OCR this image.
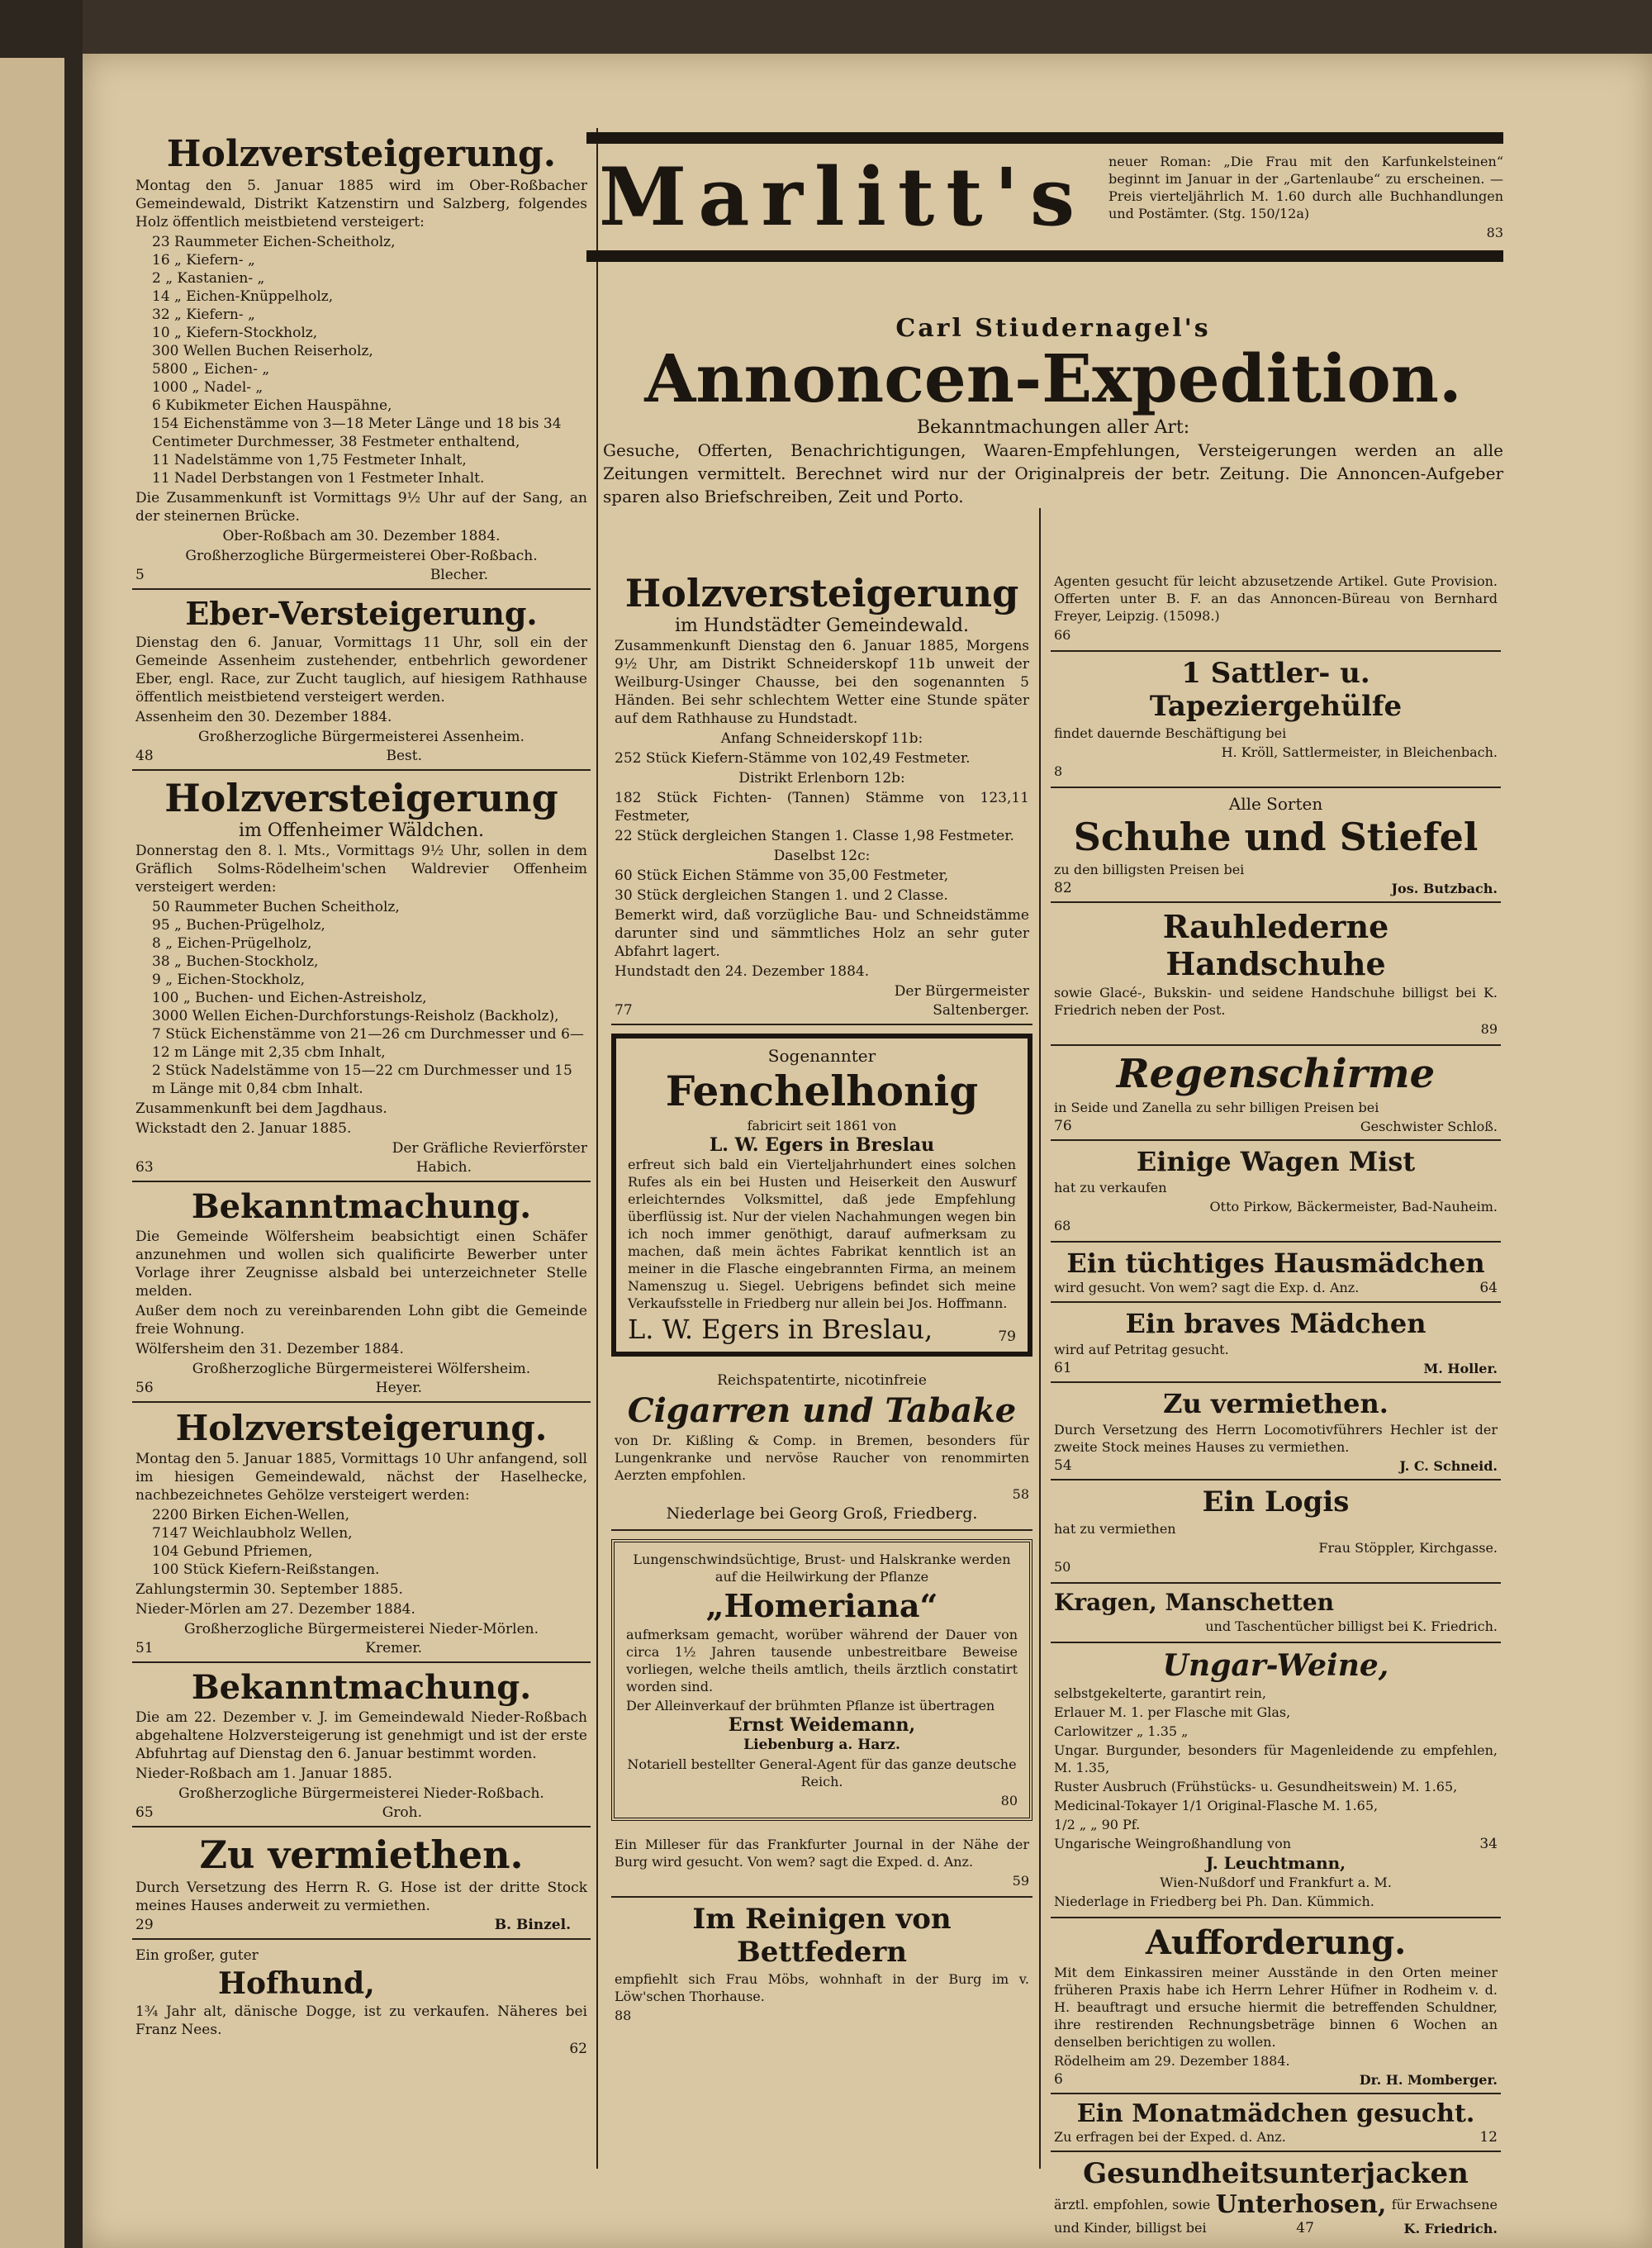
Holzversteigerung.

Montag den 5. Januar 1885 wird im Ober-Roßbacher Gemeindewald, Distrikt Katzenstirn und Salzberg, folgendes Holz öffentlich meistbietend versteigert:

23 Raummeter Eichen-Scheitholz,
16 „ Kiefern- „
2 „ Kastanien- „
14 „ Eichen-Knüppelholz,
32 „ Kiefern- „
10 „ Kiefern-Stockholz,
300 Wellen Buchen Reiserholz,
5800 „ Eichen- „
1000 „ Nadel- „
6 Kubikmeter Eichen Hauspähne,
154 Eichenstämme von 3—18 Meter Länge und 18 bis 34 Centimeter Durchmesser, 38 Festmeter enthaltend,
11 Nadelstämme von 1,75 Festmeter Inhalt,
11 Nadel Derbstangen von 1 Festmeter Inhalt.

Die Zusammenkunft ist Vormittags 9½ Uhr auf der Sang, an der steinernen Brücke.

Ober-Roßbach am 30. Dezember 1884.

Großherzogliche Bürgermeisterei Ober-Roßbach.

5	Blecher.
Eber-Versteigerung.

Dienstag den 6. Januar, Vormittags 11 Uhr, soll ein der Gemeinde Assenheim zustehender, entbehrlich gewordener Eber, engl. Race, zur Zucht tauglich, auf hiesigem Rathhause öffentlich meistbietend versteigert werden.

Assenheim den 30. Dezember 1884.

Großherzogliche Bürgermeisterei Assenheim.

48	Best.
Holzversteigerung

im Offenheimer Wäldchen.

Donnerstag den 8. l. Mts., Vormittags 9½ Uhr, sollen in dem Gräflich Solms-Rödelheim'schen Waldrevier Offenheim versteigert werden:

50 Raummeter Buchen Scheitholz,
95 „ Buchen-Prügelholz,
8 „ Eichen-Prügelholz,
38 „ Buchen-Stockholz,
9 „ Eichen-Stockholz,
100 „ Buchen- und Eichen-Astreisholz,
3000 Wellen Eichen-Durchforstungs-Reisholz (Backholz),
7 Stück Eichenstämme von 21—26 cm Durchmesser und 6—12 m Länge mit 2,35 cbm Inhalt,
2 Stück Nadelstämme von 15—22 cm Durchmesser und 15 m Länge mit 0,84 cbm Inhalt.

Zusammenkunft bei dem Jagdhaus.

Wickstadt den 2. Januar 1885.

Der Gräfliche Revierförster

63	Habich.
Bekanntmachung.

Die Gemeinde Wölfersheim beabsichtigt einen Schäfer anzunehmen und wollen sich qualificirte Bewerber unter Vorlage ihrer Zeugnisse alsbald bei unterzeichneter Stelle melden.

Außer dem noch zu vereinbarenden Lohn gibt die Gemeinde freie Wohnung.

Wölfersheim den 31. Dezember 1884.

Großherzogliche Bürgermeisterei Wölfersheim.

56	Heyer.
Holzversteigerung.

Montag den 5. Januar 1885, Vormittags 10 Uhr anfangend, soll im hiesigen Gemeindewald, nächst der Haselhecke, nachbezeichnetes Gehölze versteigert werden:

2200 Birken Eichen-Wellen,
7147 Weichlaubholz Wellen,
104 Gebund Pfriemen,
100 Stück Kiefern-Reißstangen.

Zahlungstermin 30. September 1885.

Nieder-Mörlen am 27. Dezember 1884.

Großherzogliche Bürgermeisterei Nieder-Mörlen.

51	Kremer.
Bekanntmachung.

Die am 22. Dezember v. J. im Gemeindewald Nieder-Roßbach abgehaltene Holzversteigerung ist genehmigt und ist der erste Abfuhrtag auf Dienstag den 6. Januar bestimmt worden.

Nieder-Roßbach am 1. Januar 1885.

Großherzogliche Bürgermeisterei Nieder-Roßbach.

65	Groh.
Zu vermiethen.

Durch Versetzung des Herrn R. G. Hose ist der dritte Stock meines Hauses anderweit zu vermiethen.

29	B. Binzel.

Ein großer, guter

Hofhund,

1¾ Jahr alt, dänische Dogge, ist zu verkaufen. Näheres bei Franz Nees.

62
Marlitt's	neuer Roman: „Die Frau mit den Karfunkelsteinen“ beginnt im Januar in der „Gartenlaube“ zu erscheinen. — Preis vierteljährlich M. 1.60 durch alle Buchhandlungen und Postämter. (Stg. 150/12a)

83

Carl Stiudernagel's

Annoncen-Expedition.

Bekanntmachungen aller Art:

Gesuche, Offerten, Benachrichtigungen, Waaren-Empfehlungen, Versteigerungen werden an alle Zeitungen vermittelt. Berechnet wird nur der Originalpreis der betr. Zeitung. Die Annoncen-Aufgeber sparen also Briefschreiben, Zeit und Porto.

Holzversteigerung

im Hundstädter Gemeindewald.

Zusammenkunft Dienstag den 6. Januar 1885, Morgens 9½ Uhr, am Distrikt Schneiderskopf 11b unweit der Weilburg-Usinger Chausse, bei den sogenannten 5 Händen. Bei sehr schlechtem Wetter eine Stunde später auf dem Rathhause zu Hundstadt.

Anfang Schneiderskopf 11b:

252 Stück Kiefern-Stämme von 102,49 Festmeter.

Distrikt Erlenborn 12b:

182 Stück Fichten- (Tannen) Stämme von 123,11 Festmeter,

22 Stück dergleichen Stangen 1. Classe 1,98 Festmeter.

Daselbst 12c:

60 Stück Eichen Stämme von 35,00 Festmeter,

30 Stück dergleichen Stangen 1. und 2 Classe.

Bemerkt wird, daß vorzügliche Bau- und Schneidstämme darunter sind und sämmtliches Holz an sehr guter Abfahrt lagert.

Hundstadt den 24. Dezember 1884.

Der Bürgermeister

77	Saltenberger.

Sogenannter

Fenchelhonig

fabricirt seit 1861 von

L. W. Egers in Breslau

erfreut sich bald ein Vierteljahrhundert eines solchen Rufes als ein bei Husten und Heiserkeit den Auswurf erleichterndes Volksmittel, daß jede Empfehlung überflüssig ist. Nur der vielen Nachahmungen wegen bin ich noch immer genöthigt, darauf aufmerksam zu machen, daß mein ächtes Fabrikat kenntlich ist an meiner in die Flasche eingebrannten Firma, an meinem Namenszug u. Siegel. Uebrigens befindet sich meine Verkaufsstelle in Friedberg nur allein bei Jos. Hoffmann.

L. W. Egers in Breslau,	79

Reichspatentirte, nicotinfreie

Cigarren und Tabake

von Dr. Kißling & Comp. in Bremen, besonders für Lungenkranke und nervöse Raucher von renommirten Aerzten empfohlen.

58

Niederlage bei Georg Groß, Friedberg.

Lungenschwindsüchtige, Brust- und Halskranke werden auf die Heilwirkung der Pflanze

„Homeriana“

aufmerksam gemacht, worüber während der Dauer von circa 1½ Jahren tausende unbestreitbare Beweise vorliegen, welche theils amtlich, theils ärztlich constatirt worden sind.

Der Alleinverkauf der brühmten Pflanze ist übertragen

Ernst Weidemann,

Liebenburg a. Harz.

Notariell bestellter General-Agent für das ganze deutsche Reich.

80

Ein Milleser für das Frankfurter Journal in der Nähe der Burg wird gesucht. Von wem? sagt die Exped. d. Anz.

59

Im Reinigen von Bettfedern

empfiehlt sich Frau Möbs, wohnhaft in der Burg im v. Löw'schen Thorhause.

88

Agenten gesucht für leicht abzusetzende Artikel. Gute Provision. Offerten unter B. F. an das Annoncen-Büreau von Bernhard Freyer, Leipzig. (15098.)

66

1 Sattler- u. Tapeziergehülfe

findet dauernde Beschäftigung bei

H. Kröll, Sattlermeister, in Bleichenbach.

8

Alle Sorten

Schuhe und Stiefel

zu den billigsten Preisen bei

82	Jos. Butzbach.
Rauhlederne Handschuhe

sowie Glacé-, Bukskin- und seidene Handschuhe billigst bei K. Friedrich neben der Post.

89

Regenschirme

in Seide und Zanella zu sehr billigen Preisen bei

76	Geschwister Schloß.
Einige Wagen Mist

hat zu verkaufen

Otto Pirkow, Bäckermeister, Bad-Nauheim.

68

Ein tüchtiges Hausmädchen
wird gesucht. Von wem? sagt die Exp. d. Anz.	64
Ein braves Mädchen

wird auf Petritag gesucht.

61	M. Holler.
Zu vermiethen.

Durch Versetzung des Herrn Locomotivführers Hechler ist der zweite Stock meines Hauses zu vermiethen.

54	J. C. Schneid.
Ein Logis

hat zu vermiethen

Frau Stöppler, Kirchgasse.

50

Kragen, Manschetten

und Taschentücher billigst bei K. Friedrich.

Ungar-Weine,

selbstgekelterte, garantirt rein,

Erlauer M. 1. per Flasche mit Glas,

Carlowitzer „ 1.35 „

Ungar. Burgunder, besonders für Magenleidende zu empfehlen, M. 1.35,

Ruster Ausbruch (Frühstücks- u. Gesundheitswein) M. 1.65,

Medicinal-Tokayer 1/1 Original-Flasche M. 1.65,

1/2 „ „ 90 Pf.

Ungarische Weingroßhandlung von	34

J. Leuchtmann,

Wien-Nußdorf und Frankfurt a. M.

Niederlage in Friedberg bei Ph. Dan. Kümmich.

Aufforderung.

Mit dem Einkassiren meiner Ausstände in den Orten meiner früheren Praxis habe ich Herrn Lehrer Hüfner in Rodheim v. d. H. beauftragt und ersuche hiermit die betreffenden Schuldner, ihre restirenden Rechnungsbeträge binnen 6 Wochen an denselben berichtigen zu wollen.

Rödelheim am 29. Dezember 1884.

6	Dr. H. Momberger.
Ein Monatmädchen gesucht.
Zu erfragen bei der Exped. d. Anz.	12
Gesundheitsunterjacken
ärztl. empfohlen, sowie Unterhosen, für Erwachsene
und Kinder, billigst bei	47	K. Friedrich.
